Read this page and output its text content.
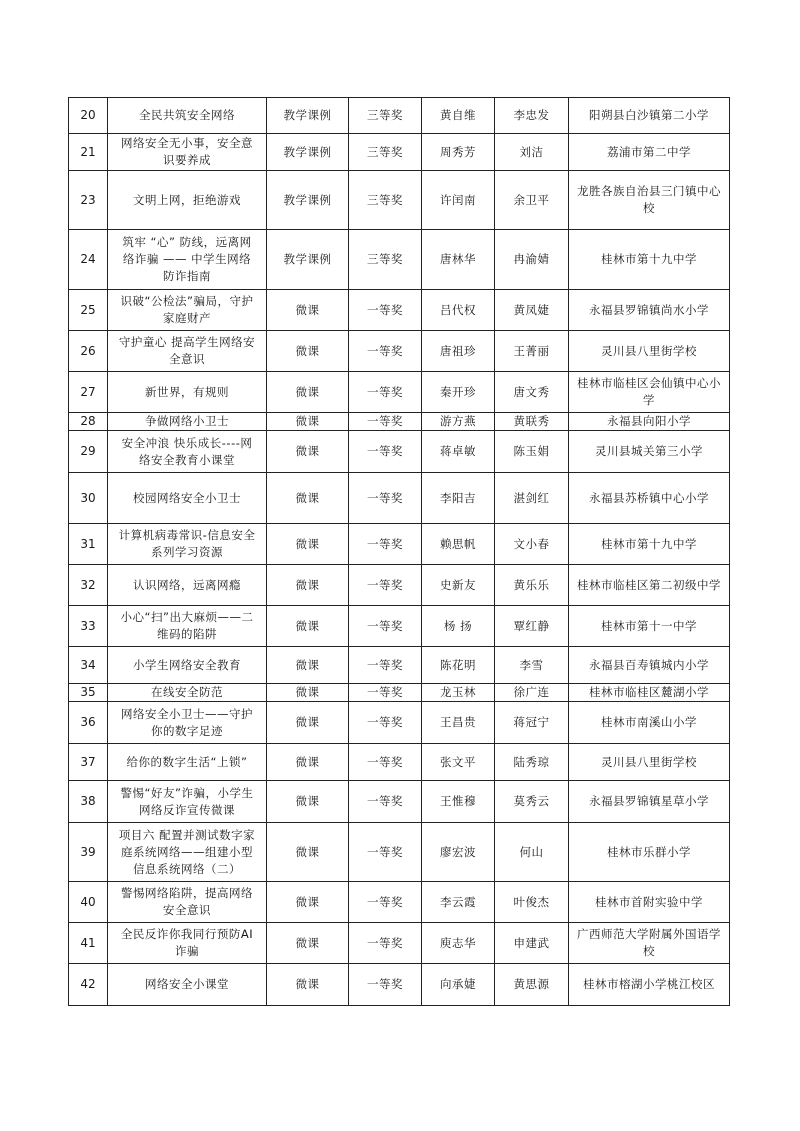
20	全民共筑安全网络	教学课例	三等奖	黄自维	李忠发	阳朔县白沙镇第二小学
21	网络安全无小事，安全意识要养成	教学课例	三等奖	周秀芳	刘洁	荔浦市第二中学
23	文明上网，拒绝游戏	教学课例	三等奖	许闰南	余卫平	龙胜各族自治县三门镇中心校
24	筑牢 “心” 防线，远离网络诈骗 —— 中学生网络防诈指南	教学课例	三等奖	唐林华	冉渝婧	桂林市第十九中学
25	识破“公检法”骗局，守护家庭财产	微课	一等奖	吕代权	黄凤婕	永福县罗锦镇尚水小学
26	守护童心 提高学生网络安全意识	微课	一等奖	唐祖珍	王菁丽	灵川县八里街学校
27	新世界，有规则	微课	一等奖	秦开珍	唐文秀	桂林市临桂区会仙镇中心小学
28	争做网络小卫士	微课	一等奖	游方燕	黄联秀	永福县向阳小学
29	安全冲浪 快乐成长----网络安全教育小课堂	微课	一等奖	蒋卓敏	陈玉娟	灵川县城关第三小学
30	校园网络安全小卫士	微课	一等奖	李阳吉	湛剑红	永福县苏桥镇中心小学
31	计算机病毒常识-信息安全系列学习资源	微课	一等奖	赖思帆	文小春	桂林市第十九中学
32	认识网络，远离网瘾	微课	一等奖	史新友	黄乐乐	桂林市临桂区第二初级中学
33	小心“扫”出大麻烦——二维码的陷阱	微课	一等奖	杨 扬	覃红静	桂林市第十一中学
34	小学生网络安全教育	微课	一等奖	陈花明	李雪	永福县百寿镇城内小学
35	在线安全防范	微课	一等奖	龙玉林	徐广连	桂林市临桂区麓湖小学
36	网络安全小卫士——守护你的数字足迹	微课	一等奖	王昌贵	蒋冠宁	桂林市南溪山小学
37	给你的数字生活“上锁”	微课	一等奖	张文平	陆秀琼	灵川县八里街学校
38	警惕“好友”诈骗，小学生网络反诈宣传微课	微课	一等奖	王惟穆	莫秀云	永福县罗锦镇星草小学
39	项目六 配置并测试数字家庭系统网络——组建小型信息系统网络（二）	微课	一等奖	廖宏波	何山	桂林市乐群小学
40	警惕网络陷阱，提高网络安全意识	微课	一等奖	李云霞	叶俊杰	桂林市首附实验中学
41	全民反诈你我同行预防AI诈骗	微课	一等奖	庾志华	申建武	广西师范大学附属外国语学校
42	网络安全小课堂	微课	一等奖	向承婕	黄思源	桂林市榕湖小学桃江校区
